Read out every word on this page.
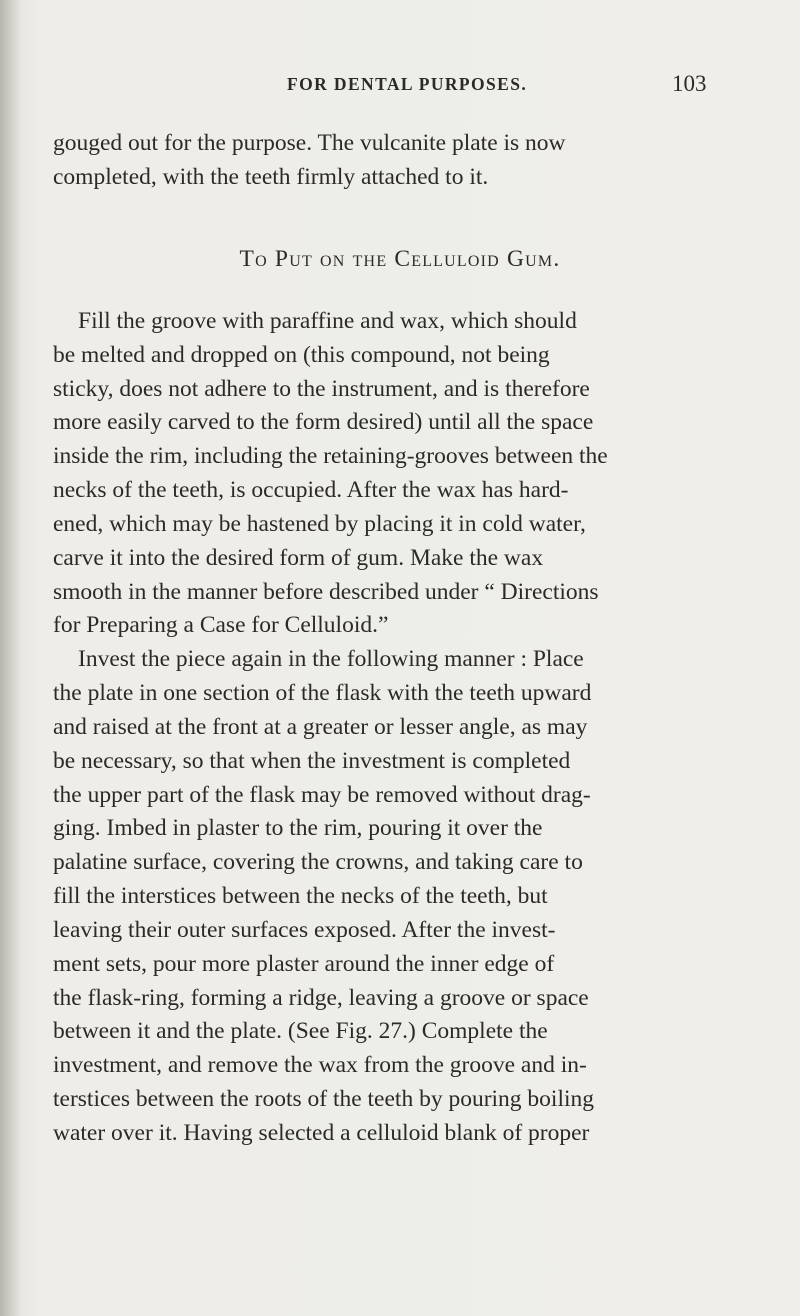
FOR DENTAL PURPOSES.	103
gouged out for the purpose. The vulcanite plate is now
completed, with the teeth firmly attached to it.
To Put on the Celluloid Gum.
Fill the groove with paraffine and wax, which should
be melted and dropped on (this compound, not being
sticky, does not adhere to the instrument, and is therefore
more easily carved to the form desired) until all the space
inside the rim, including the retaining-grooves between the
necks of the teeth, is occupied. After the wax has hard-
ened, which may be hastened by placing it in cold water,
carve it into the desired form of gum. Make the wax
smooth in the manner before described under “ Directions
for Preparing a Case for Celluloid.”
Invest the piece again in the following manner : Place
the plate in one section of the flask with the teeth upward
and raised at the front at a greater or lesser angle, as may
be necessary, so that when the investment is completed
the upper part of the flask may be removed without drag-
ging. Imbed in plaster to the rim, pouring it over the
palatine surface, covering the crowns, and taking care to
fill the interstices between the necks of the teeth, but
leaving their outer surfaces exposed. After the invest-
ment sets, pour more plaster around the inner edge of
the flask-ring, forming a ridge, leaving a groove or space
between it and the plate. (See Fig. 27.) Complete the
investment, and remove the wax from the groove and in-
terstices between the roots of the teeth by pouring boiling
water over it. Having selected a celluloid blank of proper
